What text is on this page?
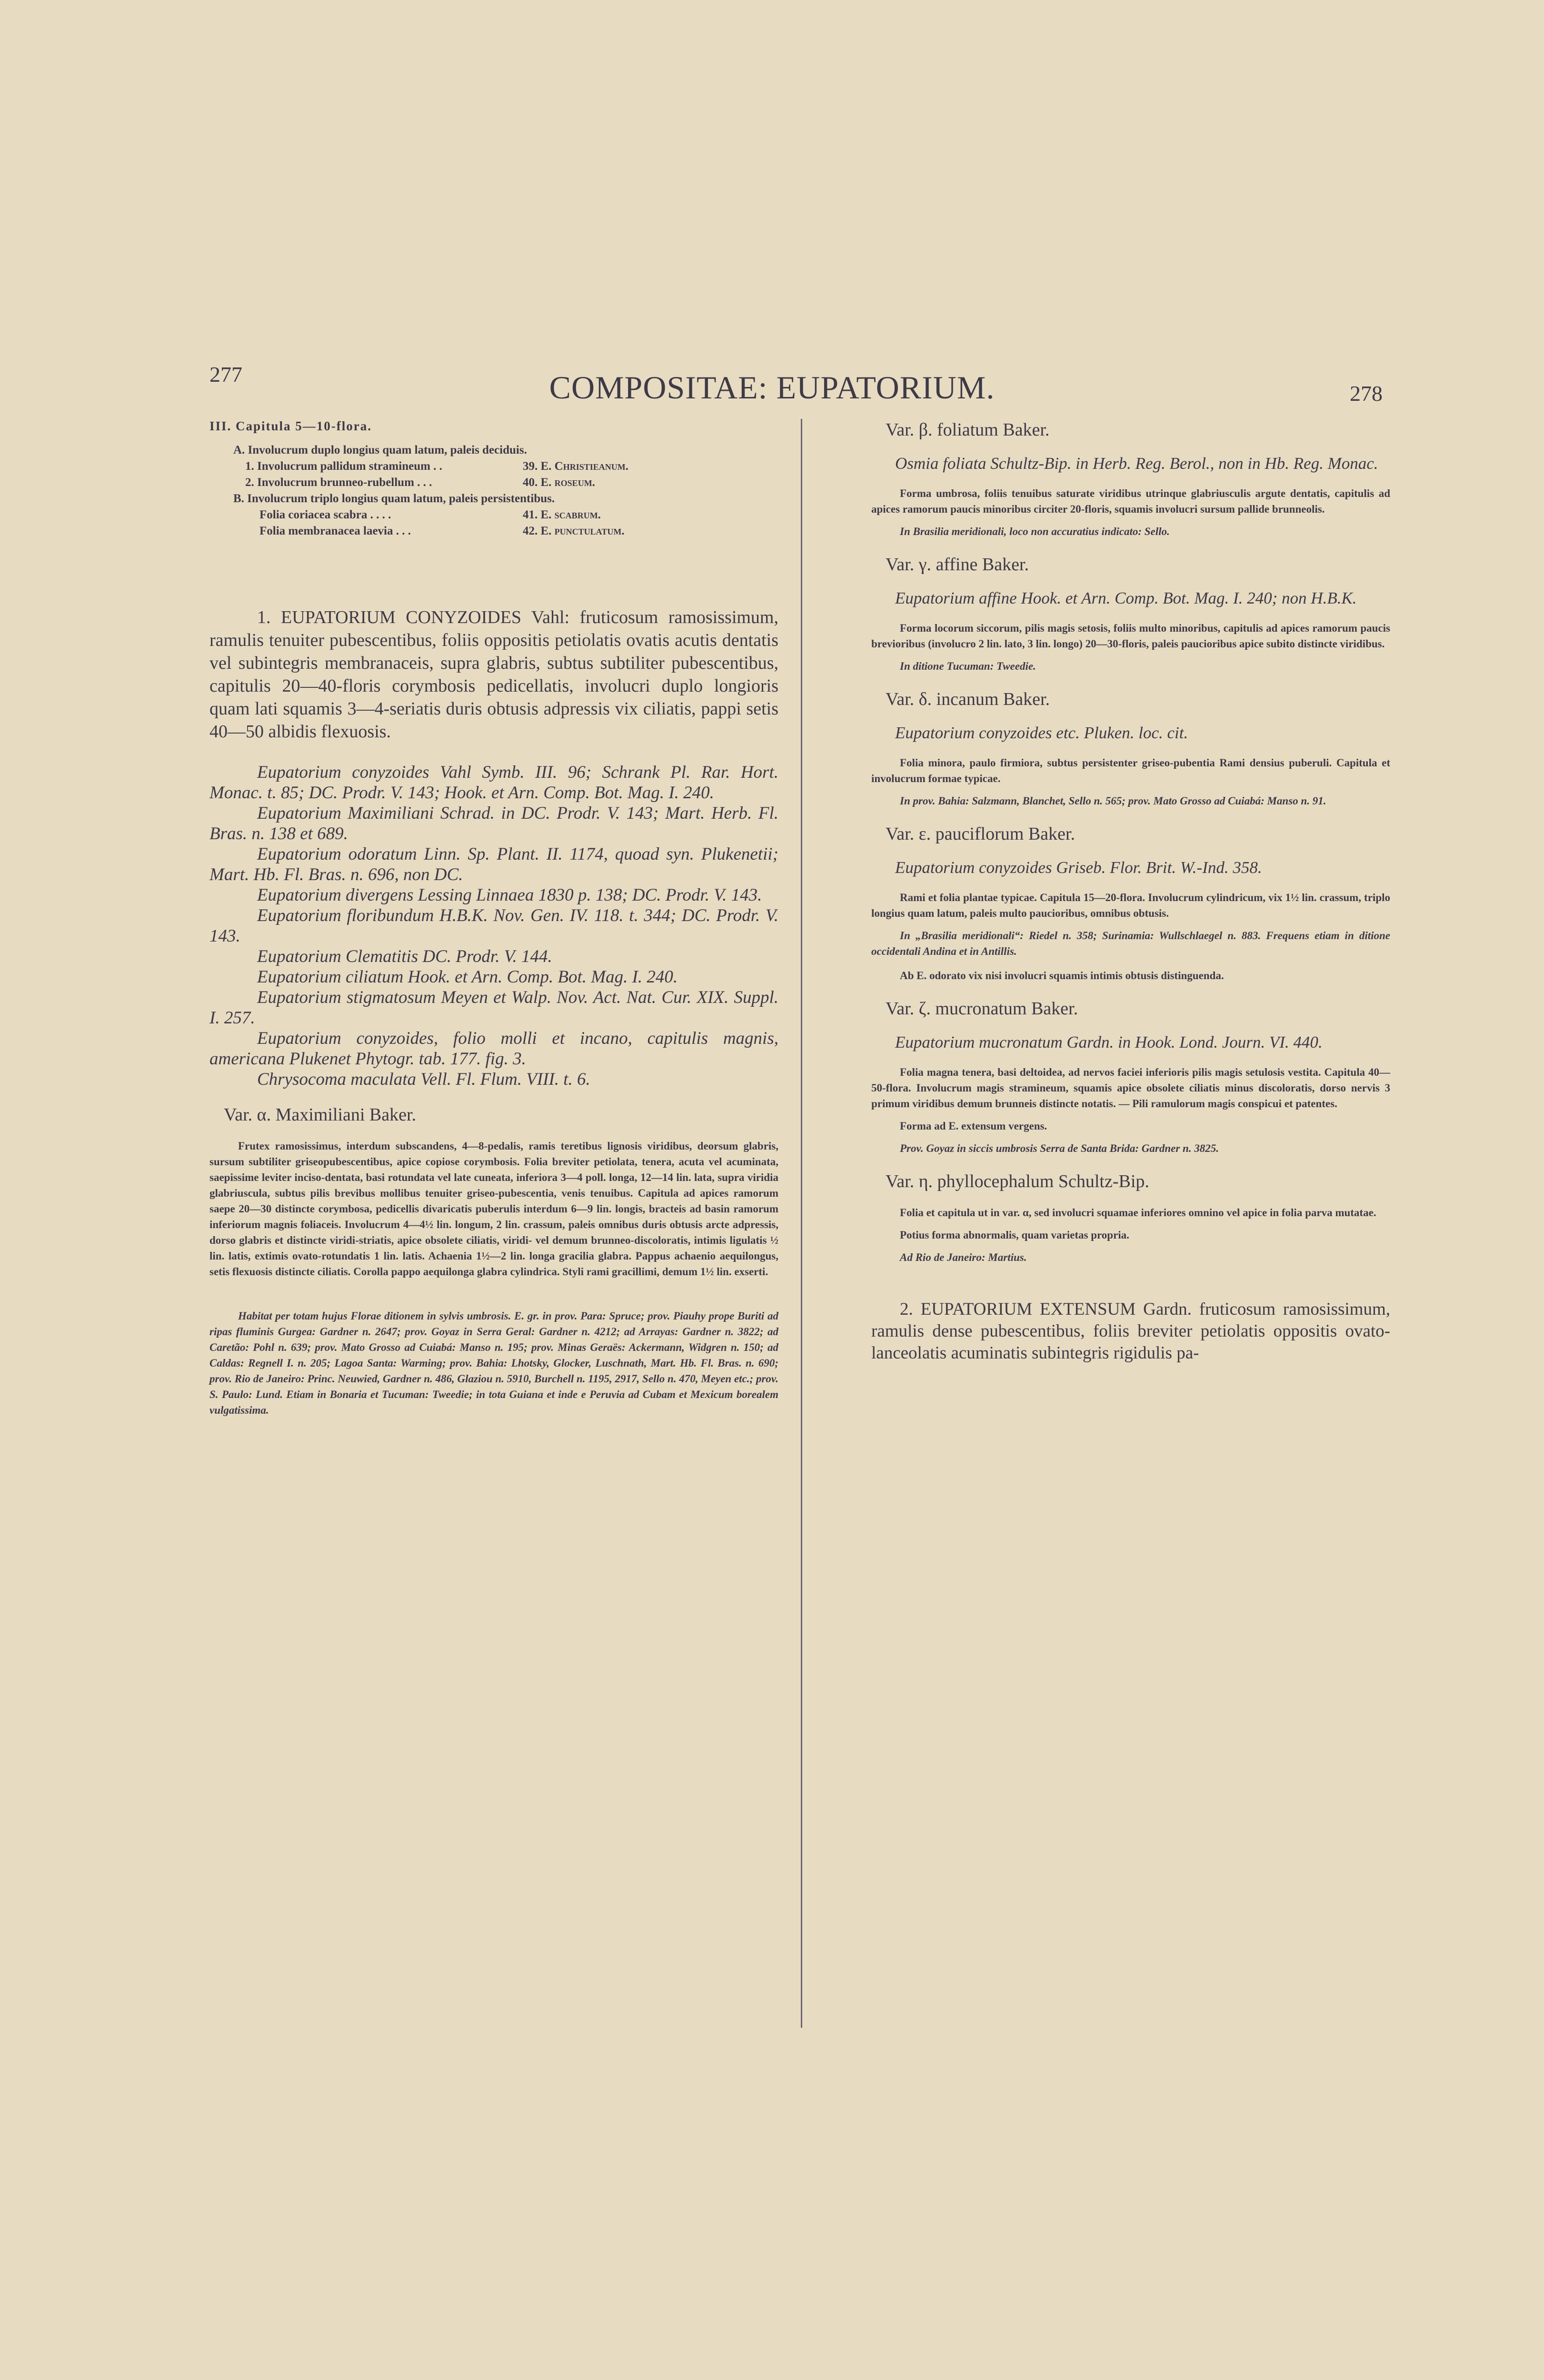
277	COMPOSITAE: EUPATORIUM.	278
III. Capitula 5—10-flora.
A. Involucrum duplo longius quam latum, paleis deciduis.
1. Involucrum pallidum stramineum . .	39. E. Christieanum.
2. Involucrum brunneo-rubellum . . .	40. E. roseum.
B. Involucrum triplo longius quam latum, paleis persistentibus.
Folia coriacea scabra . . . .	41. E. scabrum.
Folia membranacea laevia . . .	42. E. punctulatum.

1. EUPATORIUM CONYZOIDES Vahl: fruticosum ramosissimum, ramulis tenuiter pubescentibus, foliis oppositis petiolatis ovatis acutis dentatis vel subintegris membranaceis, supra glabris, subtus subtiliter pubescentibus, capitulis 20—40-floris corymbosis pedicellatis, involucri duplo longioris quam lati squamis 3—4-seriatis duris obtusis adpressis vix ciliatis, pappi setis 40—50 albidis flexuosis.

Eupatorium conyzoides Vahl Symb. III. 96; Schrank Pl. Rar. Hort. Monac. t. 85; DC. Prodr. V. 143; Hook. et Arn. Comp. Bot. Mag. I. 240.

Eupatorium Maximiliani Schrad. in DC. Prodr. V. 143; Mart. Herb. Fl. Bras. n. 138 et 689.

Eupatorium odoratum Linn. Sp. Plant. II. 1174, quoad syn. Plukenetii; Mart. Hb. Fl. Bras. n. 696, non DC.

Eupatorium divergens Lessing Linnaea 1830 p. 138; DC. Prodr. V. 143.

Eupatorium floribundum H.B.K. Nov. Gen. IV. 118. t. 344; DC. Prodr. V. 143.

Eupatorium Clematitis DC. Prodr. V. 144.

Eupatorium ciliatum Hook. et Arn. Comp. Bot. Mag. I. 240.

Eupatorium stigmatosum Meyen et Walp. Nov. Act. Nat. Cur. XIX. Suppl. I. 257.

Eupatorium conyzoides, folio molli et incano, capitulis magnis, americana Plukenet Phytogr. tab. 177. fig. 3.

Chrysocoma maculata Vell. Fl. Flum. VIII. t. 6.

Var. α. Maximiliani Baker.

Frutex ramosissimus, interdum subscandens, 4—8-pedalis, ramis teretibus lignosis viridibus, deorsum glabris, sursum subtiliter griseopubescentibus, apice copiose corymbosis. Folia breviter petiolata, tenera, acuta vel acuminata, saepissime leviter inciso-dentata, basi rotundata vel late cuneata, inferiora 3—4 poll. longa, 12—14 lin. lata, supra viridia glabriuscula, subtus pilis brevibus mollibus tenuiter griseo-pubescentia, venis tenuibus. Capitula ad apices ramorum saepe 20—30 distincte corymbosa, pedicellis divaricatis puberulis interdum 6—9 lin. longis, bracteis ad basin ramorum inferiorum magnis foliaceis. Involucrum 4—4½ lin. longum, 2 lin. crassum, paleis omnibus duris obtusis arcte adpressis, dorso glabris et distincte viridi-striatis, apice obsolete ciliatis, viridi- vel demum brunneo-discoloratis, intimis ligulatis ½ lin. latis, extimis ovato-rotundatis 1 lin. latis. Achaenia 1½—2 lin. longa gracilia glabra. Pappus achaenio aequilongus, setis flexuosis distincte ciliatis. Corolla pappo aequilonga glabra cylindrica. Styli rami gracillimi, demum 1½ lin. exserti.

Habitat per totam hujus Florae ditionem in sylvis umbrosis. E. gr. in prov. Para: Spruce; prov. Piauhy prope Buriti ad ripas fluminis Gurgea: Gardner n. 2647; prov. Goyaz in Serra Geral: Gardner n. 4212; ad Arrayas: Gardner n. 3822; ad Caretão: Pohl n. 639; prov. Mato Grosso ad Cuiabá: Manso n. 195; prov. Minas Geraës: Ackermann, Widgren n. 150; ad Caldas: Regnell I. n. 205; Lagoa Santa: Warming; prov. Bahia: Lhotsky, Glocker, Luschnath, Mart. Hb. Fl. Bras. n. 690; prov. Rio de Janeiro: Princ. Neuwied, Gardner n. 486, Glaziou n. 5910, Burchell n. 1195, 2917, Sello n. 470, Meyen etc.; prov. S. Paulo: Lund. Etiam in Bonaria et Tucuman: Tweedie; in tota Guiana et inde e Peruvia ad Cubam et Mexicum borealem vulgatissima.

Var. β. foliatum Baker.

Osmia foliata Schultz-Bip. in Herb. Reg. Berol., non in Hb. Reg. Monac.

Forma umbrosa, foliis tenuibus saturate viridibus utrinque glabriusculis argute dentatis, capitulis ad apices ramorum paucis minoribus circiter 20-floris, squamis involucri sursum pallide brunneolis.

In Brasilia meridionali, loco non accuratius indicato: Sello.

Var. γ. affine Baker.

Eupatorium affine Hook. et Arn. Comp. Bot. Mag. I. 240; non H.B.K.

Forma locorum siccorum, pilis magis setosis, foliis multo minoribus, capitulis ad apices ramorum paucis brevioribus (involucro 2 lin. lato, 3 lin. longo) 20—30-floris, paleis paucioribus apice subito distincte viridibus.

In ditione Tucuman: Tweedie.

Var. δ. incanum Baker.

Eupatorium conyzoides etc. Pluken. loc. cit.

Folia minora, paulo firmiora, subtus persistenter griseo-pubentia Rami densius puberuli. Capitula et involucrum formae typicae.

In prov. Bahia: Salzmann, Blanchet, Sello n. 565; prov. Mato Grosso ad Cuiabá: Manso n. 91.

Var. ε. pauciflorum Baker.

Eupatorium conyzoides Griseb. Flor. Brit. W.-Ind. 358.

Rami et folia plantae typicae. Capitula 15—20-flora. Involucrum cylindricum, vix 1½ lin. crassum, triplo longius quam latum, paleis multo paucioribus, omnibus obtusis.

In „Brasilia meridionali“: Riedel n. 358; Surinamia: Wullschlaegel n. 883. Frequens etiam in ditione occidentali Andina et in Antillis.

Ab E. odorato vix nisi involucri squamis intimis obtusis distinguenda.

Var. ζ. mucronatum Baker.

Eupatorium mucronatum Gardn. in Hook. Lond. Journ. VI. 440.

Folia magna tenera, basi deltoidea, ad nervos faciei inferioris pilis magis setulosis vestita. Capitula 40—50-flora. Involucrum magis stramineum, squamis apice obsolete ciliatis minus discoloratis, dorso nervis 3 primum viridibus demum brunneis distincte notatis. — Pili ramulorum magis conspicui et patentes.

Forma ad E. extensum vergens.

Prov. Goyaz in siccis umbrosis Serra de Santa Brida: Gardner n. 3825.

Var. η. phyllocephalum Schultz-Bip.

Folia et capitula ut in var. α, sed involucri squamae inferiores omnino vel apice in folia parva mutatae.

Potius forma abnormalis, quam varietas propria.

Ad Rio de Janeiro: Martius.

2. EUPATORIUM EXTENSUM Gardn. fruticosum ramosissimum, ramulis dense pubescentibus, foliis breviter petiolatis oppositis ovato-lanceolatis acuminatis subintegris rigidulis pa-
